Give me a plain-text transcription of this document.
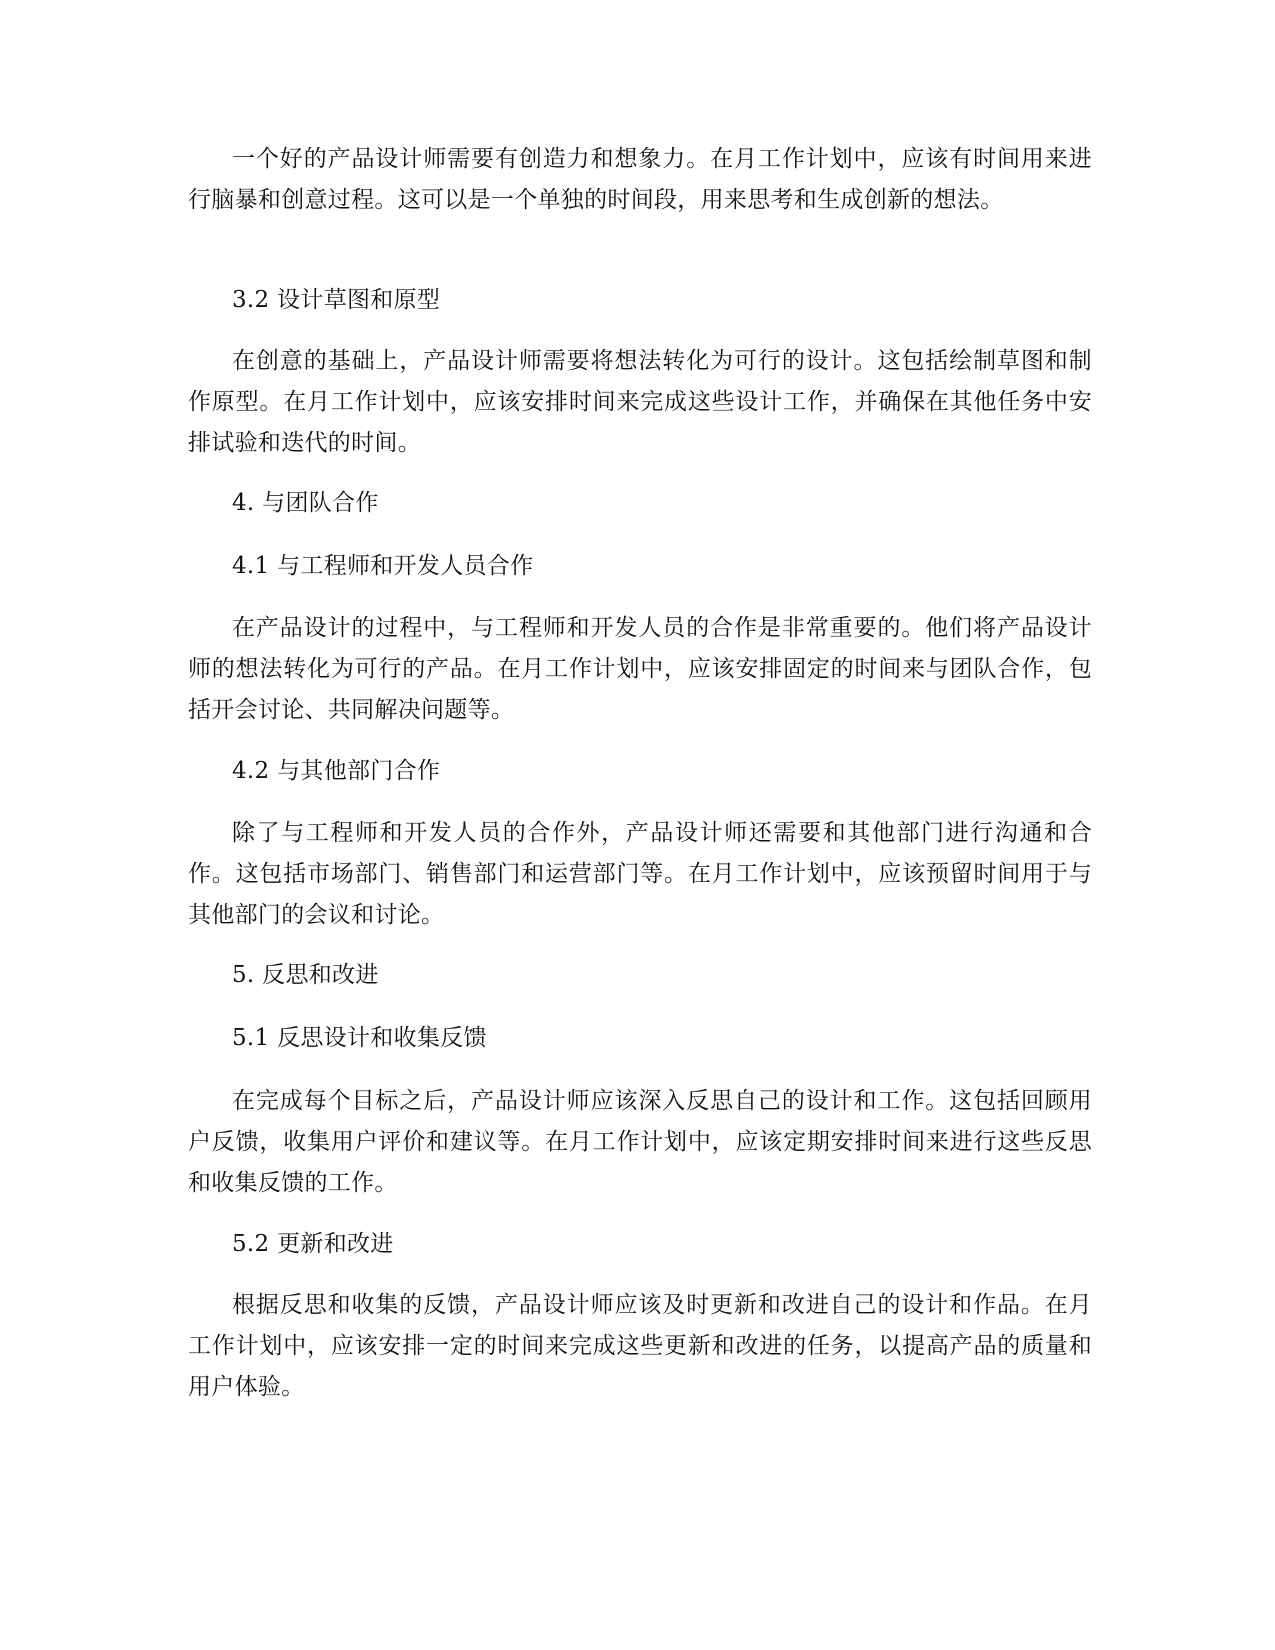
一个好的产品设计师需要有创造力和想象力。在月工作计划中，应该有时间用来进行脑暴和创意过程。这可以是一个单独的时间段，用来思考和生成创新的想法。

3.2 设计草图和原型

在创意的基础上，产品设计师需要将想法转化为可行的设计。这包括绘制草图和制作原型。在月工作计划中，应该安排时间来完成这些设计工作，并确保在其他任务中安排试验和迭代的时间。

4. 与团队合作

4.1 与工程师和开发人员合作

在产品设计的过程中，与工程师和开发人员的合作是非常重要的。他们将产品设计师的想法转化为可行的产品。在月工作计划中，应该安排固定的时间来与团队合作，包括开会讨论、共同解决问题等。

4.2 与其他部门合作

除了与工程师和开发人员的合作外，产品设计师还需要和其他部门进行沟通和合作。这包括市场部门、销售部门和运营部门等。在月工作计划中，应该预留时间用于与其他部门的会议和讨论。

5. 反思和改进

5.1 反思设计和收集反馈

在完成每个目标之后，产品设计师应该深入反思自己的设计和工作。这包括回顾用户反馈，收集用户评价和建议等。在月工作计划中，应该定期安排时间来进行这些反思和收集反馈的工作。

5.2 更新和改进

根据反思和收集的反馈，产品设计师应该及时更新和改进自己的设计和作品。在月工作计划中，应该安排一定的时间来完成这些更新和改进的任务，以提高产品的质量和用户体验。
